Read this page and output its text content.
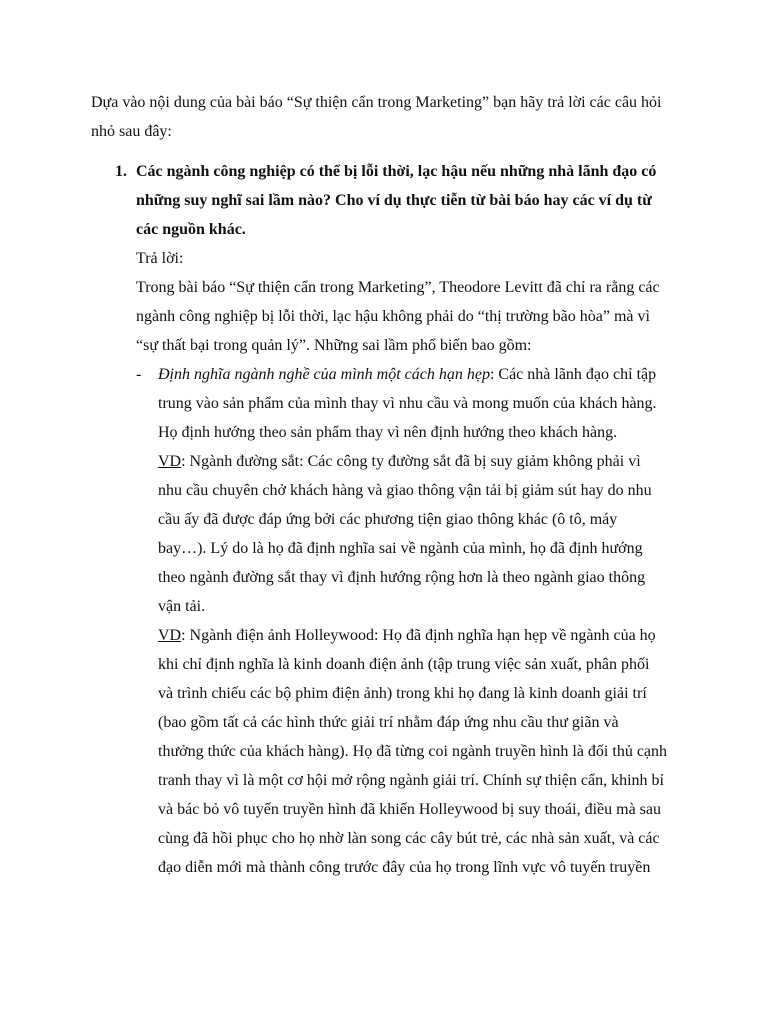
Dựa vào nội dung của bài báo “Sự thiện cẩn trong Marketing” bạn hãy trả lời các câu hỏi
nhỏ sau đây:
1. Các ngành công nghiệp có thể bị lỗi thời, lạc hậu nếu những nhà lãnh đạo có
những suy nghĩ sai lầm nào? Cho ví dụ thực tiễn từ bài báo hay các ví dụ từ
các nguồn khác.
Trả lời:
Trong bài báo “Sự thiện cẩn trong Marketing”, Theodore Levitt đã chỉ ra rằng các
ngành công nghiệp bị lỗi thời, lạc hậu không phải do “thị trường bão hòa” mà vì
“sự thất bại trong quản lý”. Những sai lầm phổ biến bao gồm:
- Định nghĩa ngành nghề của mình một cách hạn hẹp: Các nhà lãnh đạo chỉ tập
trung vào sản phẩm của mình thay vì nhu cầu và mong muốn của khách hàng.
Họ định hướng theo sản phẩm thay vì nên định hướng theo khách hàng.
VD: Ngành đường sắt: Các công ty đường sắt đã bị suy giảm không phải vì
nhu cầu chuyên chở khách hàng và giao thông vận tải bị giảm sút hay do nhu
cầu ấy đã được đáp ứng bởi các phương tiện giao thông khác (ô tô, máy
bay…). Lý do là họ đã định nghĩa sai về ngành của mình, họ đã định hướng
theo ngành đường sắt thay vì định hướng rộng hơn là theo ngành giao thông
vận tải.
VD: Ngành điện ảnh Holleywood: Họ đã định nghĩa hạn hẹp về ngành của họ
khi chỉ định nghĩa là kinh doanh điện ảnh (tập trung việc sản xuất, phân phối
và trình chiếu các bộ phim điện ảnh) trong khi họ đang là kinh doanh giải trí
(bao gồm tất cả các hình thức giải trí nhằm đáp ứng nhu cầu thư giãn và
thưởng thức của khách hàng). Họ đã từng coi ngành truyền hình là đối thủ cạnh
tranh thay vì là một cơ hội mở rộng ngành giải trí. Chính sự thiện cẩn, khinh bỉ
và bác bỏ vô tuyến truyền hình đã khiến Holleywood bị suy thoái, điều mà sau
cùng đã hồi phục cho họ nhờ làn song các cây bút trẻ, các nhà sản xuất, và các
đạo diễn mới mà thành công trước đây của họ trong lĩnh vực vô tuyến truyền
